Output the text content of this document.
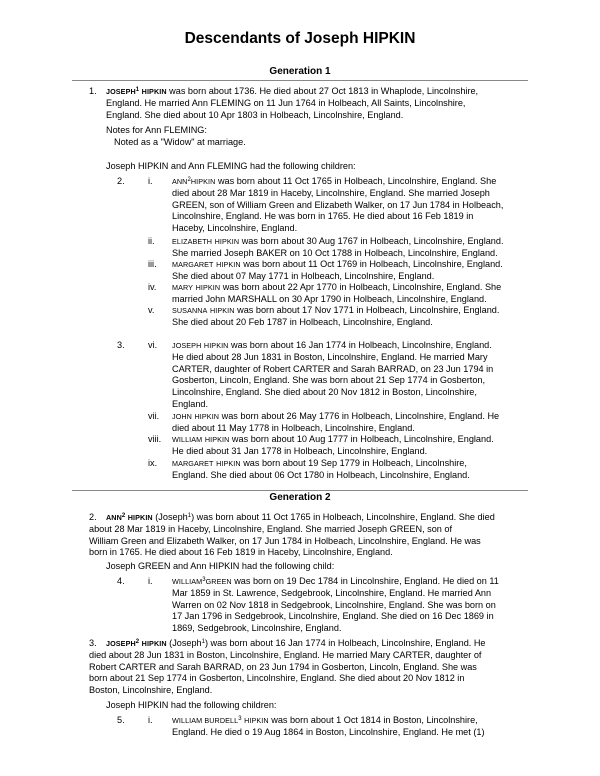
Descendants of Joseph HIPKIN
Generation 1
1. JOSEPH$^1$ HIPKIN was born about 1736. He died about 27 Oct 1813 in Whaplode, Lincolnshire,
England. He married Ann FLEMING on 11 Jun 1764 in Holbeach, All Saints, Lincolnshire,
England. She died about 10 Apr 1803 in Holbeach, Lincolnshire, England.
Notes for Ann FLEMING:
Noted as a "Widow" at marriage.
Joseph HIPKIN and Ann FLEMING had the following children:
2.	i.	ANN$^2$HIPKIN was born about 11 Oct 1765 in Holbeach, Lincolnshire, England. She
died about 28 Mar 1819 in Haceby, Lincolnshire, England. She married Joseph
GREEN, son of William Green and Elizabeth Walker, on 17 Jun 1784 in Holbeach,
Lincolnshire, England. He was born in 1765. He died about 16 Feb 1819 in
Haceby, Lincolnshire, England.
ii. ELIZABETH HIPKIN was born about 30 Aug 1767 in Holbeach, Lincolnshire, England.
She married Joseph BAKER on 10 Oct 1788 in Holbeach, Lincolnshire, England.
iii. MARGARET HIPKIN was born about 11 Oct 1769 in Holbeach, Lincolnshire, England.
She died about 07 May 1771 in Holbeach, Lincolnshire, England.
iv. MARY HIPKIN was born about 22 Apr 1770 in Holbeach, Lincolnshire, England. She
married John MARSHALL on 30 Apr 1790 in Holbeach, Lincolnshire, England.
v. SUSANNA HIPKIN was born about 17 Nov 1771 in Holbeach, Lincolnshire, England.
She died about 20 Feb 1787 in Holbeach, Lincolnshire, England.
3.	vi. JOSEPH HIPKIN was born about 16 Jan 1774 in Holbeach, Lincolnshire, England.
He died about 28 Jun 1831 in Boston, Lincolnshire, England. He married Mary
CARTER, daughter of Robert CARTER and Sarah BARRAD, on 23 Jun 1794 in
Gosberton, Lincoln, England. She was born about 21 Sep 1774 in Gosberton,
Lincolnshire, England. She died about 20 Nov 1812 in Boston, Lincolnshire,
England.
vii. JOHN HIPKIN was born about 26 May 1776 in Holbeach, Lincolnshire, England. He
died about 11 May 1778 in Holbeach, Lincolnshire, England.
viii. WILLIAM HIPKIN was born about 10 Aug 1777 in Holbeach, Lincolnshire, England.
He died about 31 Jan 1778 in Holbeach, Lincolnshire, England.
ix. MARGARET HIPKIN was born about 19 Sep 1779 in Holbeach, Lincolnshire,
England. She died about 06 Oct 1780 in Holbeach, Lincolnshire, England.
Generation 2
2. ANN$^2$ HIPKIN (Joseph$^1$) was born about 11 Oct 1765 in Holbeach, Lincolnshire, England. She died
about 28 Mar 1819 in Haceby, Lincolnshire, England. She married Joseph GREEN, son of
William Green and Elizabeth Walker, on 17 Jun 1784 in Holbeach, Lincolnshire, England. He was
born in 1765. He died about 16 Feb 1819 in Haceby, Lincolnshire, England.
Joseph GREEN and Ann HIPKIN had the following child:
4.	i.	WILLIAM$^3$GREEN was born on 19 Dec 1784 in Lincolnshire, England. He died on 11
Mar 1859 in St. Lawrence, Sedgebrook, Lincolnshire, England. He married Ann
Warren on 02 Nov 1818 in Sedgebrook, Lincolnshire, England. She was born on
17 Jan 1796 in Sedgebrook, Lincolnshire, England. She died on 16 Dec 1869 in
1869, Sedgebrook, Lincolnshire, England.
3. JOSEPH$^2$ HIPKIN (Joseph$^1$) was born about 16 Jan 1774 in Holbeach, Lincolnshire, England. He
died about 28 Jun 1831 in Boston, Lincolnshire, England. He married Mary CARTER, daughter of
Robert CARTER and Sarah BARRAD, on 23 Jun 1794 in Gosberton, Lincoln, England. She was
born about 21 Sep 1774 in Gosberton, Lincolnshire, England. She died about 20 Nov 1812 in
Boston, Lincolnshire, England.
Joseph HIPKIN had the following children:
5.	i.	WILLIAM BURDELL$^3$ HIPKIN was born about 1 Oct 1814 in Boston, Lincolnshire,
England. He died o 19 Aug 1864 in Boston, Lincolnshire, England. He met (1)
